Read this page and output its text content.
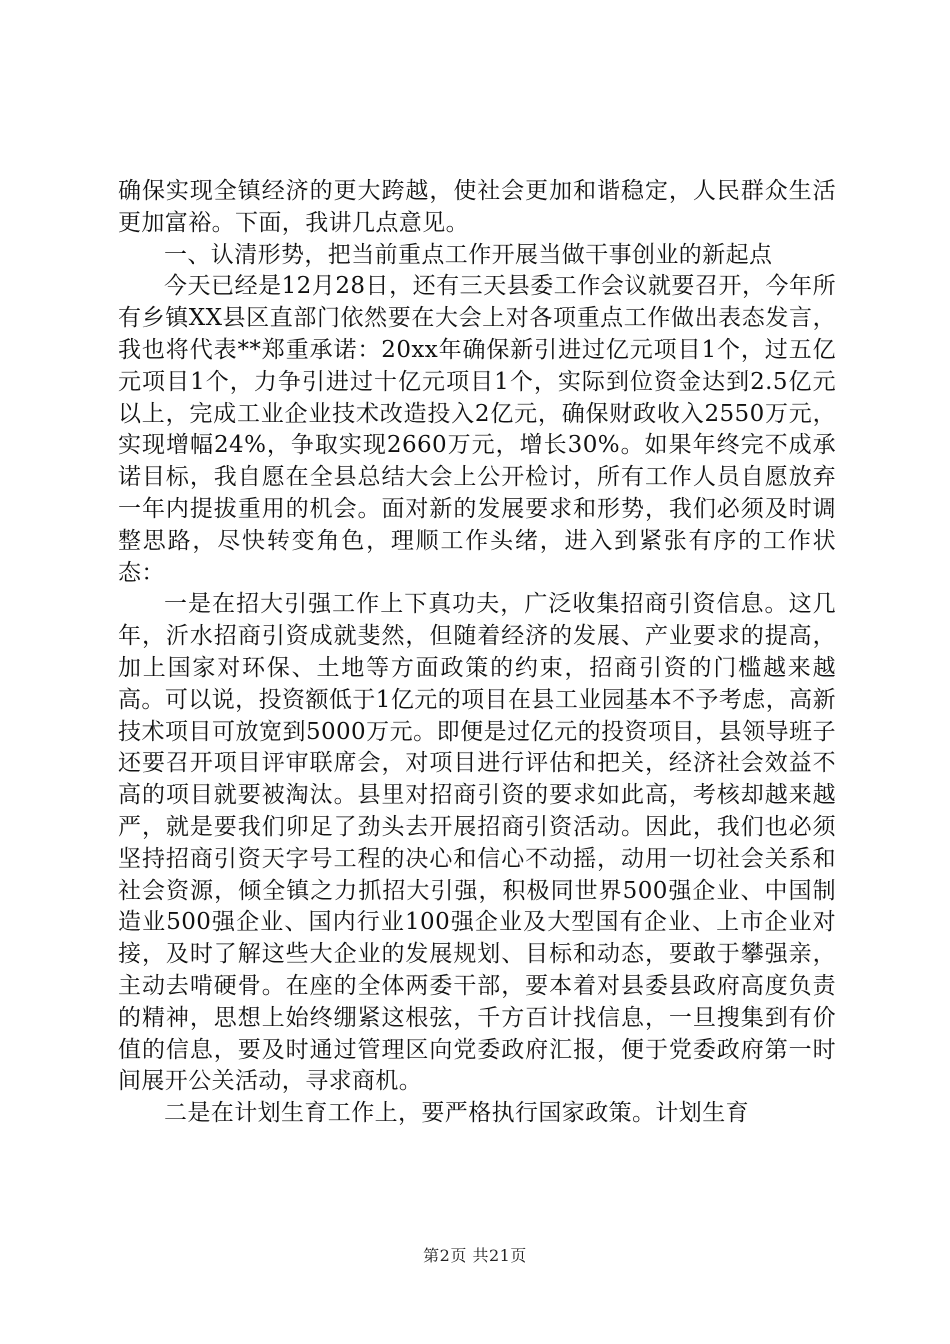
确保实现全镇经济的更大跨越，使社会更加和谐稳定，人民群众生活更加富裕。下面，我讲几点意见。

一、认清形势，把当前重点工作开展当做干事创业的新起点

今天已经是12月28日，还有三天县委工作会议就要召开，今年所有乡镇XX县区直部门依然要在大会上对各项重点工作做出表态发言，我也将代表**郑重承诺：20xx年确保新引进过亿元项目1个，过五亿元项目1个，力争引进过十亿元项目1个，实际到位资金达到2.5亿元以上，完成工业企业技术改造投入2亿元，确保财政收入2550万元，实现增幅24%，争取实现2660万元，增长30%。如果年终完不成承诺目标，我自愿在全县总结大会上公开检讨，所有工作人员自愿放弃一年内提拔重用的机会。面对新的发展要求和形势，我们必须及时调整思路，尽快转变角色，理顺工作头绪，进入到紧张有序的工作状态：

一是在招大引强工作上下真功夫，广泛收集招商引资信息。这几年，沂水招商引资成就斐然，但随着经济的发展、产业要求的提高，加上国家对环保、土地等方面政策的约束，招商引资的门槛越来越高。可以说，投资额低于1亿元的项目在县工业园基本不予考虑，高新技术项目可放宽到5000万元。即便是过亿元的投资项目，县领导班子还要召开项目评审联席会，对项目进行评估和把关，经济社会效益不高的项目就要被淘汰。县里对招商引资的要求如此高，考核却越来越严，就是要我们卯足了劲头去开展招商引资活动。因此，我们也必须坚持招商引资天字号工程的决心和信心不动摇，动用一切社会关系和社会资源，倾全镇之力抓招大引强，积极同世界500强企业、中国制造业500强企业、国内行业100强企业及大型国有企业、上市企业对接，及时了解这些大企业的发展规划、目标和动态，要敢于攀强亲，主动去啃硬骨。在座的全体两委干部，要本着对县委县政府高度负责的精神，思想上始终绷紧这根弦，千方百计找信息，一旦搜集到有价值的信息，要及时通过管理区向党委政府汇报，便于党委政府第一时间展开公关活动，寻求商机。

二是在计划生育工作上，要严格执行国家政策。计划生育

第2页 共21页
